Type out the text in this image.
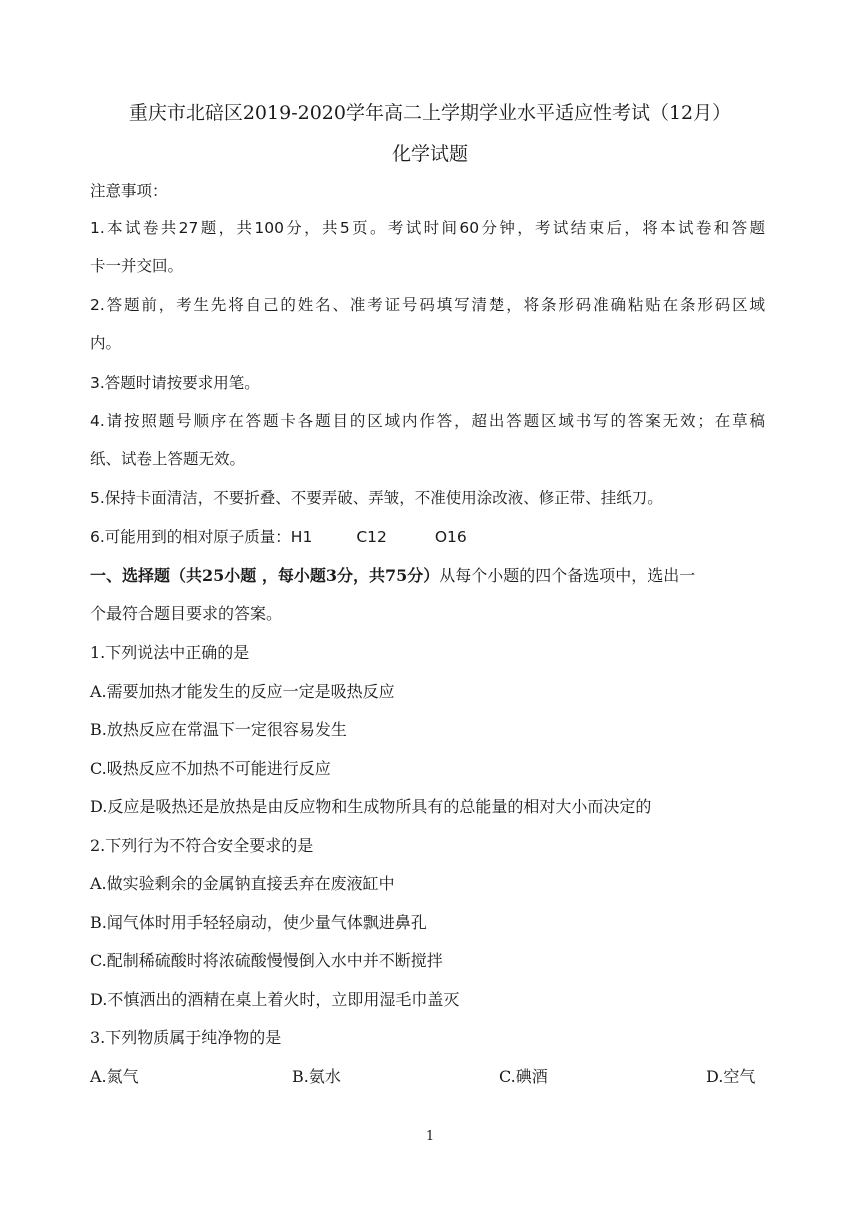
重庆市北碚区2019-2020学年高二上学期学业水平适应性考试（12月）
化学试题
注意事项：
1.本试卷共27题，共100分，共5页。考试时间60分钟，考试结束后，将本试卷和答题
卡一并交回。
2.答题前，考生先将自己的姓名、准考证号码填写清楚，将条形码准确粘贴在条形码区域
内。
3.答题时请按要求用笔。
4.请按照题号顺序在答题卡各题目的区域内作答，超出答题区域书写的答案无效；在草稿
纸、试卷上答题无效。
5.保持卡面清洁，不要折叠、不要弄破、弄皱，不准使用涂改液、修正带、挂纸刀。
6.可能用到的相对原子质量：H1	C12	O16
一、选择题（共25小题 ，每小题3分，共75分）从每个小题的四个备选项中，选出一
个最符合题目要求的答案。
1.下列说法中正确的是
A.需要加热才能发生的反应一定是吸热反应
B.放热反应在常温下一定很容易发生
C.吸热反应不加热不可能进行反应
D.反应是吸热还是放热是由反应物和生成物所具有的总能量的相对大小而决定的
2.下列行为不符合安全要求的是
A.做实验剩余的金属钠直接丢弃在废液缸中
B.闻气体时用手轻轻扇动，使少量气体飘进鼻孔
C.配制稀硫酸时将浓硫酸慢慢倒入水中并不断搅拌
D.不慎洒出的酒精在桌上着火时，立即用湿毛巾盖灭
3.下列物质属于纯净物的是
A.氮气	B.氨水	C.碘酒	D.空气
1
